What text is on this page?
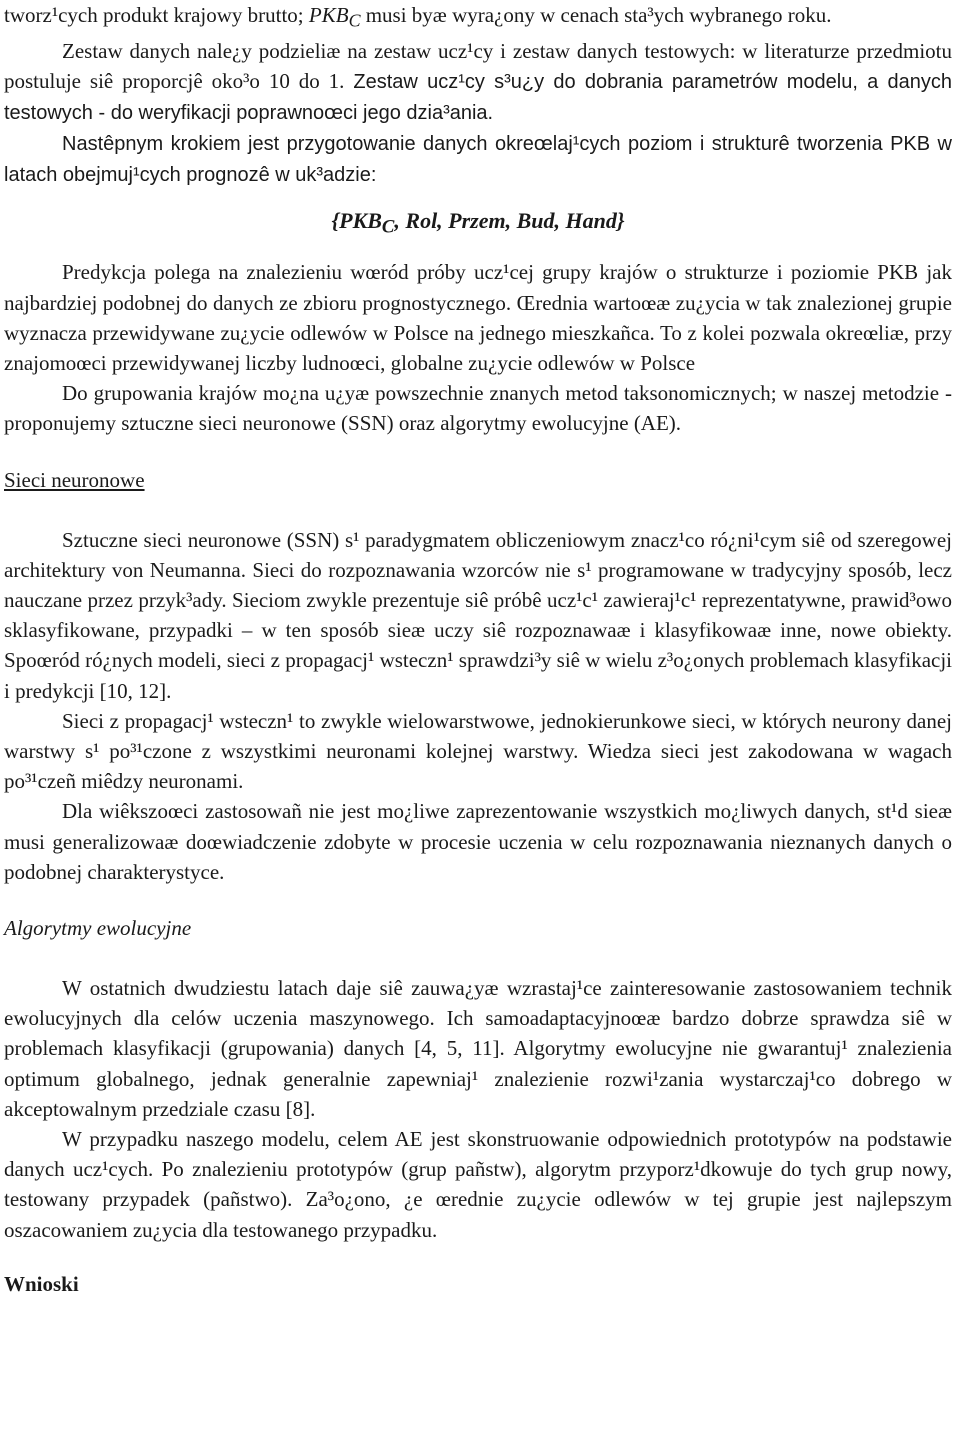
tworz¹cych produkt krajowy brutto; PKBC musi byæ wyra¿ony w cenach sta³ych wybranego roku.

Zestaw danych nale¿y podzieliæ na zestaw ucz¹cy i zestaw danych testowych: w literaturze przedmiotu postuluje siê proporcjê oko³o 10 do 1. Zestaw ucz¹cy s³u¿y do dobrania parametrów modelu, a danych testowych - do weryfikacji poprawnoœci jego dzia³ania.

Nastêpnym krokiem jest przygotowanie danych okreœlaj¹cych poziom i strukturê tworzenia PKB w latach obejmuj¹cych prognozê w uk³adzie:

{$PKB_C$, Rol, Przem, Bud, Hand}

Predykcja polega na znalezieniu wœród próby ucz¹cej grupy krajów o strukturze i poziomie PKB jak najbardziej podobnej do danych ze zbioru prognostycznego. Œrednia wartoœæ zu¿ycia w tak znalezionej grupie wyznacza przewidywane zu¿ycie odlewów w Polsce na jednego mieszkañca. To z kolei pozwala okreœliæ, przy znajomoœci przewidywanej liczby ludnoœci, globalne zu¿ycie odlewów w Polsce

Do grupowania krajów mo¿na u¿yæ powszechnie znanych metod taksonomicznych; w naszej metodzie - proponujemy sztuczne sieci neuronowe (SSN) oraz algorytmy ewolucyjne (AE).

Sieci neuronowe

Sztuczne sieci neuronowe (SSN) s¹ paradygmatem obliczeniowym znacz¹co ró¿ni¹cym siê od szeregowej architektury von Neumanna. Sieci do rozpoznawania wzorców nie s¹ programowane w tradycyjny sposób, lecz nauczane przez przyk³ady. Sieciom zwykle prezentuje siê próbê ucz¹c¹ zawieraj¹c¹ reprezentatywne, prawid³owo sklasyfikowane, przypadki – w ten sposób sieæ uczy siê rozpoznawaæ i klasyfikowaæ inne, nowe obiekty. Spoœród ró¿nych modeli, sieci z propagacj¹ wsteczn¹ sprawdzi³y siê w wielu z³o¿onych problemach klasyfikacji i predykcji [10, 12].

Sieci z propagacj¹ wsteczn¹ to zwykle wielowarstwowe, jednokierunkowe sieci, w których neurony danej warstwy s¹ po³¹czone z wszystkimi neuronami kolejnej warstwy. Wiedza sieci jest zakodowana w wagach po³¹czeñ miêdzy neuronami.

Dla wiêkszoœci zastosowañ nie jest mo¿liwe zaprezentowanie wszystkich mo¿liwych danych, st¹d sieæ musi generalizowaæ doœwiadczenie zdobyte w procesie uczenia w celu rozpoznawania nieznanych danych o podobnej charakterystyce.

Algorytmy ewolucyjne

W ostatnich dwudziestu latach daje siê zauwa¿yæ wzrastaj¹ce zainteresowanie zastosowaniem technik ewolucyjnych dla celów uczenia maszynowego. Ich samoadaptacyjnoœæ bardzo dobrze sprawdza siê w problemach klasyfikacji (grupowania) danych [4, 5, 11]. Algorytmy ewolucyjne nie gwarantuj¹ znalezienia optimum globalnego, jednak generalnie zapewniaj¹ znalezienie rozwi¹zania wystarczaj¹co dobrego w akceptowalnym przedziale czasu [8].

W przypadku naszego modelu, celem AE jest skonstruowanie odpowiednich prototypów na podstawie danych ucz¹cych. Po znalezieniu prototypów (grup pañstw), algorytm przyporz¹dkowuje do tych grup nowy, testowany przypadek (pañstwo). Za³o¿ono, ¿e œrednie zu¿ycie odlewów w tej grupie jest najlepszym oszacowaniem zu¿ycia dla testowanego przypadku.

Wnioski
